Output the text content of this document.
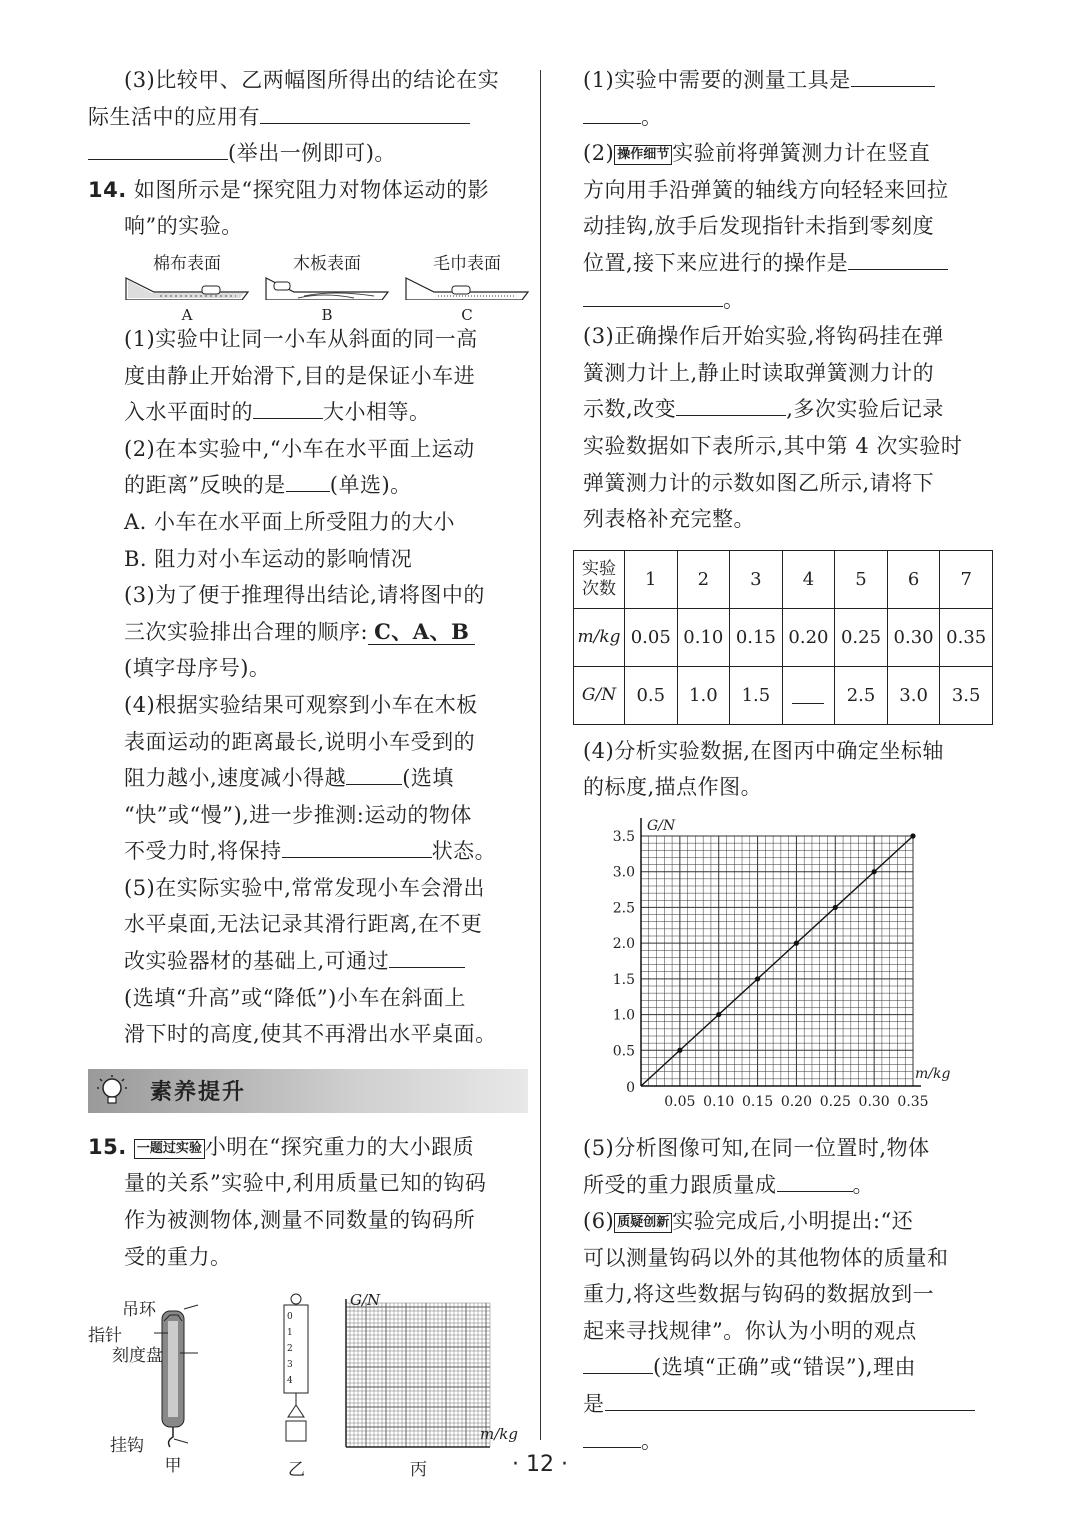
(3)比较甲、乙两幅图所得出的结论在实

际生活中的应用有

(举出一例即可)。

14. 如图所示是“探究阻力对物体运动的影

响”的实验。

棉布表面
A
木板表面
B
毛巾表面
C

(1)实验中让同一小车从斜面的同一高

度由静止开始滑下,目的是保证小车进

入水平面时的	大小相等。

(2)在本实验中,“小车在水平面上运动

的距离”反映的是 (单选)。

A. 小车在水平面上所受阻力的大小

B. 阻力对小车运动的影响情况

(3)为了便于推理得出结论,请将图中的

三次实验排出合理的顺序: C、A、B

(填字母序号)。

(4)根据实验结果可观察到小车在木板

表面运动的距离最长,说明小车受到的

阻力越小,速度减小得越	(选填

“快”或“慢”),进一步推测:运动的物体

不受力时,将保持	状态。

(5)在实际实验中,常常发现小车会滑出

水平桌面,无法记录其滑行距离,在不更

改实验器材的基础上,可通过

(选填“升高”或“降低”)小车在斜面上

滑下时的高度,使其不再滑出水平桌面。

素养提升

15. 一题过实验 小明在“探究重力的大小跟质

量的关系”实验中,利用质量已知的钩码

作为被测物体,测量不同数量的钩码所

受的重力。

0
1
2
3
4
吊环
指针
刻度盘
挂钩
甲	乙	丙
G/N
m/kg

(1)实验中需要的测量工具是

。

(2) 操作细节 实验前将弹簧测力计在竖直

方向用手沿弹簧的轴线方向轻轻来回拉

动挂钩,放手后发现指针未指到零刻度

位置,接下来应进行的操作是

。

(3)正确操作后开始实验,将钩码挂在弹

簧测力计上,静止时读取弹簧测力计的

示数,改变	,多次实验后记录

实验数据如下表所示,其中第 4 次实验时

弹簧测力计的示数如图乙所示,请将下

列表格补充完整。

实验次数	1	2	3	4	5	6	7
m/kg	0.05	0.10	0.15	0.20	0.25	0.30	0.35
G/N	0.5	1.0	1.5		2.5	3.0	3.5

(4)分析实验数据,在图丙中确定坐标轴

的标度,描点作图。

0.05 0.10 0.15 0.20 0.25 0.30 0.35
0.5
1.0
1.5
2.0
2.5
3.0
3.5
0
G/N
m/kg

(5)分析图像可知,在同一位置时,物体

所受的重力跟质量成	。

(6) 质疑创新 实验完成后,小明提出:“还

可以测量钩码以外的其他物体的质量和

重力,将这些数据与钩码的数据放到一

起来寻找规律”。你认为小明的观点

(选填“正确”或“错误”),理由

是

。

· 12 ·
